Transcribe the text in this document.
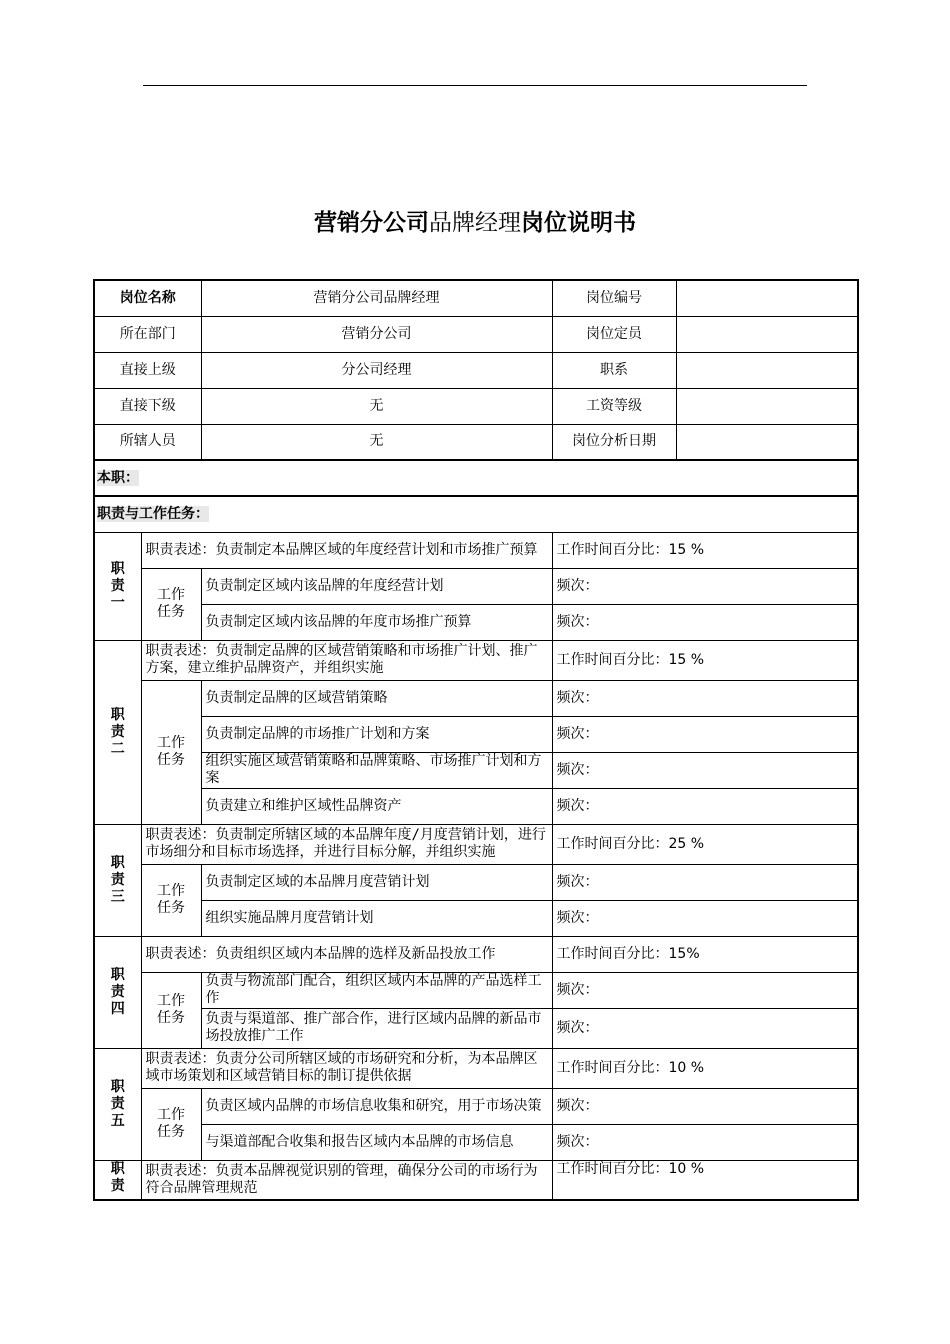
营销分公司品牌经理岗位说明书
岗位名称		营销分公司品牌经理	岗位编号	
所在部门		营销分公司	岗位定员	
直接上级		分公司经理	职系	
直接下级		无	工资等级	
所辖人员		无	岗位分析日期	
本职：				
职责与工作任务：				
职
责
一	职责表述：负责制定本品牌区域的年度经营计划和市场推广预算		工作时间百分比：15 %	
	工作
任务	负责制定区域内该品牌的年度经营计划	频次：	
		负责制定区域内该品牌的年度市场推广预算	频次：	
职
责
二	职责表述：负责制定品牌的区域营销策略和市场推广计划、推广方案，建立维护品牌资产，并组织实施		工作时间百分比：15 %	
	工作
任务	负责制定品牌的区域营销策略	频次：	
		负责制定品牌的市场推广计划和方案	频次：	
		组织实施区域营销策略和品牌策略、市场推广计划和方案	频次：	
		负责建立和维护区域性品牌资产	频次：	
职
责
三	职责表述：负责制定所辖区域的本品牌年度/月度营销计划，进行市场细分和目标市场选择，并进行目标分解，并组织实施		工作时间百分比：25 %	
	工作
任务	负责制定区域的本品牌月度营销计划	频次：	
		组织实施品牌月度营销计划	频次：	
职
责
四	职责表述：负责组织区域内本品牌的选样及新品投放工作		工作时间百分比：15%	
	工作
任务	负责与物流部门配合，组织区域内本品牌的产品选样工作	频次：	
		负责与渠道部、推广部合作，进行区域内品牌的新品市场投放推广工作	频次：	
职
责
五	职责表述：负责分公司所辖区域的市场研究和分析，为本品牌区域市场策划和区域营销目标的制订提供依据		工作时间百分比：10 %	
	工作
任务	负责区域内品牌的市场信息收集和研究，用于市场决策	频次：	
		与渠道部配合收集和报告区域内本品牌的市场信息	频次：	
职
责	职责表述：负责本品牌视觉识别的管理，确保分公司的市场行为符合品牌管理规范		工作时间百分比：10 %	
